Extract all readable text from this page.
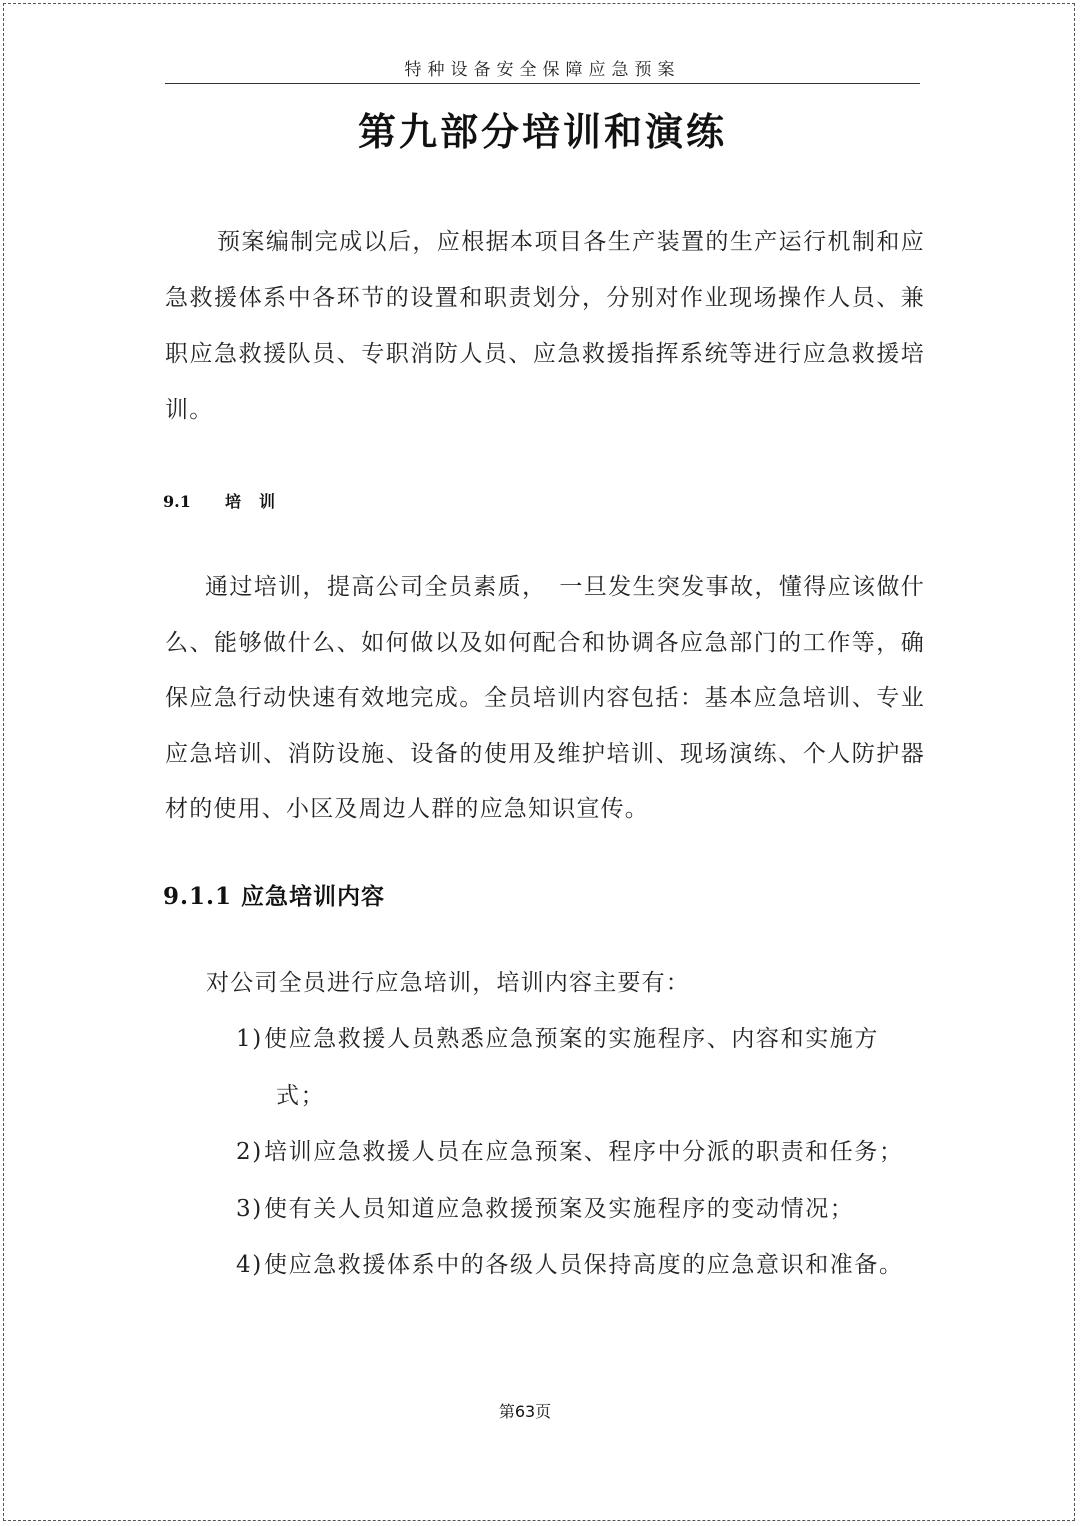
特种设备安全保障应急预案
第九部分培训和演练

预案编制完成以后，应根据本项目各生产装置的生产运行机制和应急救援体系中各环节的设置和职责划分，分别对作业现场操作人员、兼职应急救援队员、专职消防人员、应急救援指挥系统等进行应急救援培训。

9.1 培训

通过培训，提高公司全员素质，　一旦发生突发事故，懂得应该做什么、能够做什么、如何做以及如何配合和协调各应急部门的工作等，确保应急行动快速有效地完成。全员培训内容包括：基本应急培训、专业应急培训、消防设施、设备的使用及维护培训、现场演练、个人防护器材的使用、小区及周边人群的应急知识宣传。

9.1.1 应急培训内容
对公司全员进行应急培训，培训内容主要有：
1)使应急救援人员熟悉应急预案的实施程序、内容和实施方式；
2)培训应急救援人员在应急预案、程序中分派的职责和任务；
3)使有关人员知道应急救援预案及实施程序的变动情况；
4)使应急救援体系中的各级人员保持高度的应急意识和准备。
第63页
